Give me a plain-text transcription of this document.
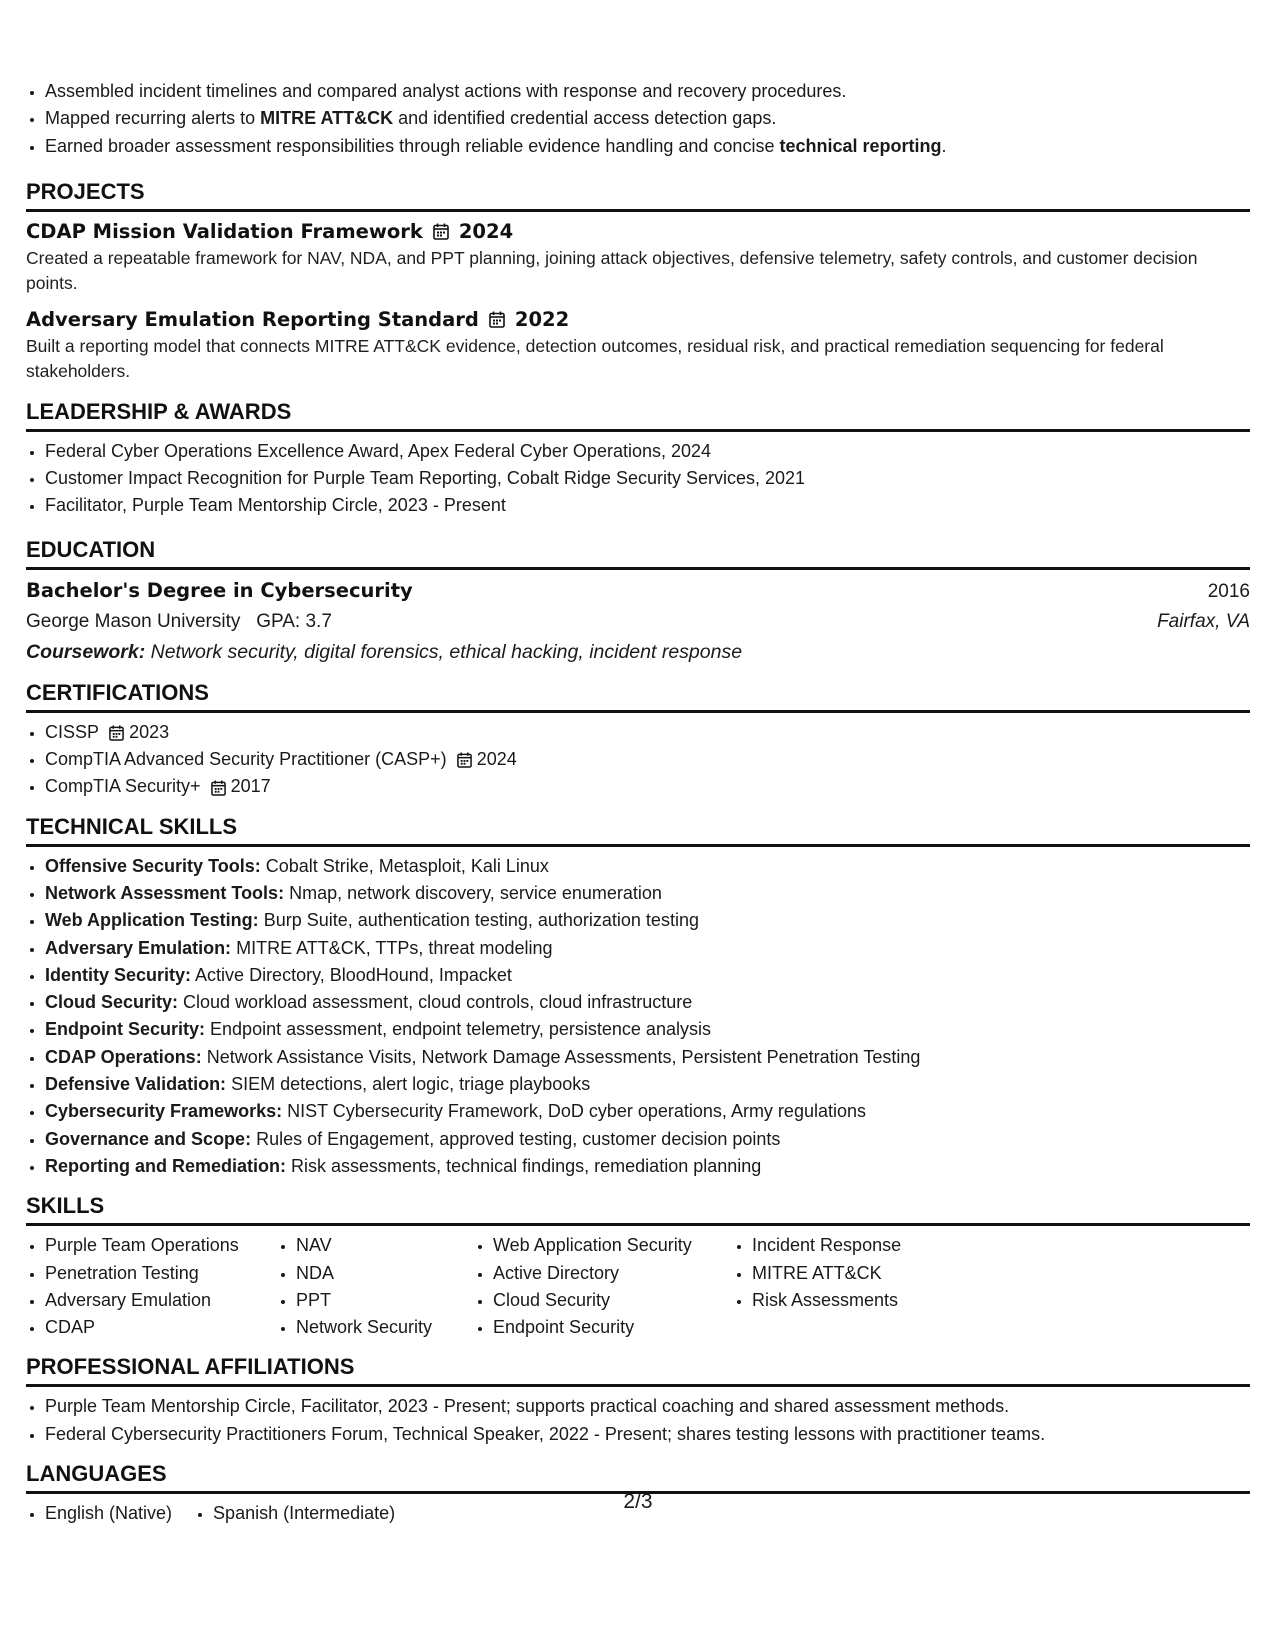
• Assembled incident timelines and compared analyst actions with response and recovery procedures.
• Mapped recurring alerts to MITRE ATT&CK and identified credential access detection gaps.
• Earned broader assessment responsibilities through reliable evidence handling and concise technical reporting.
PROJECTS
CDAP Mission Validation Framework 2024
Created a repeatable framework for NAV, NDA, and PPT planning, joining attack objectives, defensive telemetry, safety controls, and customer decision points.
Adversary Emulation Reporting Standard 2022
Built a reporting model that connects MITRE ATT&CK evidence, detection outcomes, residual risk, and practical remediation sequencing for federal stakeholders.
LEADERSHIP & AWARDS
• Federal Cyber Operations Excellence Award, Apex Federal Cyber Operations, 2024
• Customer Impact Recognition for Purple Team Reporting, Cobalt Ridge Security Services, 2021
• Facilitator, Purple Team Mentorship Circle, 2023 - Present
EDUCATION
Bachelor's Degree in Cybersecurity	2016
George Mason University GPA: 3.7	Fairfax, VA
Coursework: Network security, digital forensics, ethical hacking, incident response
CERTIFICATIONS
• CISSP 2023
• CompTIA Advanced Security Practitioner (CASP+) 2024
• CompTIA Security+ 2017
TECHNICAL SKILLS
• Offensive Security Tools: Cobalt Strike, Metasploit, Kali Linux
• Network Assessment Tools: Nmap, network discovery, service enumeration
• Web Application Testing: Burp Suite, authentication testing, authorization testing
• Adversary Emulation: MITRE ATT&CK, TTPs, threat modeling
• Identity Security: Active Directory, BloodHound, Impacket
• Cloud Security: Cloud workload assessment, cloud controls, cloud infrastructure
• Endpoint Security: Endpoint assessment, endpoint telemetry, persistence analysis
• CDAP Operations: Network Assistance Visits, Network Damage Assessments, Persistent Penetration Testing
• Defensive Validation: SIEM detections, alert logic, triage playbooks
• Cybersecurity Frameworks: NIST Cybersecurity Framework, DoD cyber operations, Army regulations
• Governance and Scope: Rules of Engagement, approved testing, customer decision points
• Reporting and Remediation: Risk assessments, technical findings, remediation planning
SKILLS
• Purple Team Operations
• Penetration Testing
• Adversary Emulation
• CDAP
• NAV
• NDA
• PPT
• Network Security
• Web Application Security
• Active Directory
• Cloud Security
• Endpoint Security
• Incident Response
• MITRE ATT&CK
• Risk Assessments
PROFESSIONAL AFFILIATIONS
• Purple Team Mentorship Circle, Facilitator, 2023 - Present; supports practical coaching and shared assessment methods.
• Federal Cybersecurity Practitioners Forum, Technical Speaker, 2022 - Present; shares testing lessons with practitioner teams.
LANGUAGES
• English (Native)
• Spanish (Intermediate)
2/3
